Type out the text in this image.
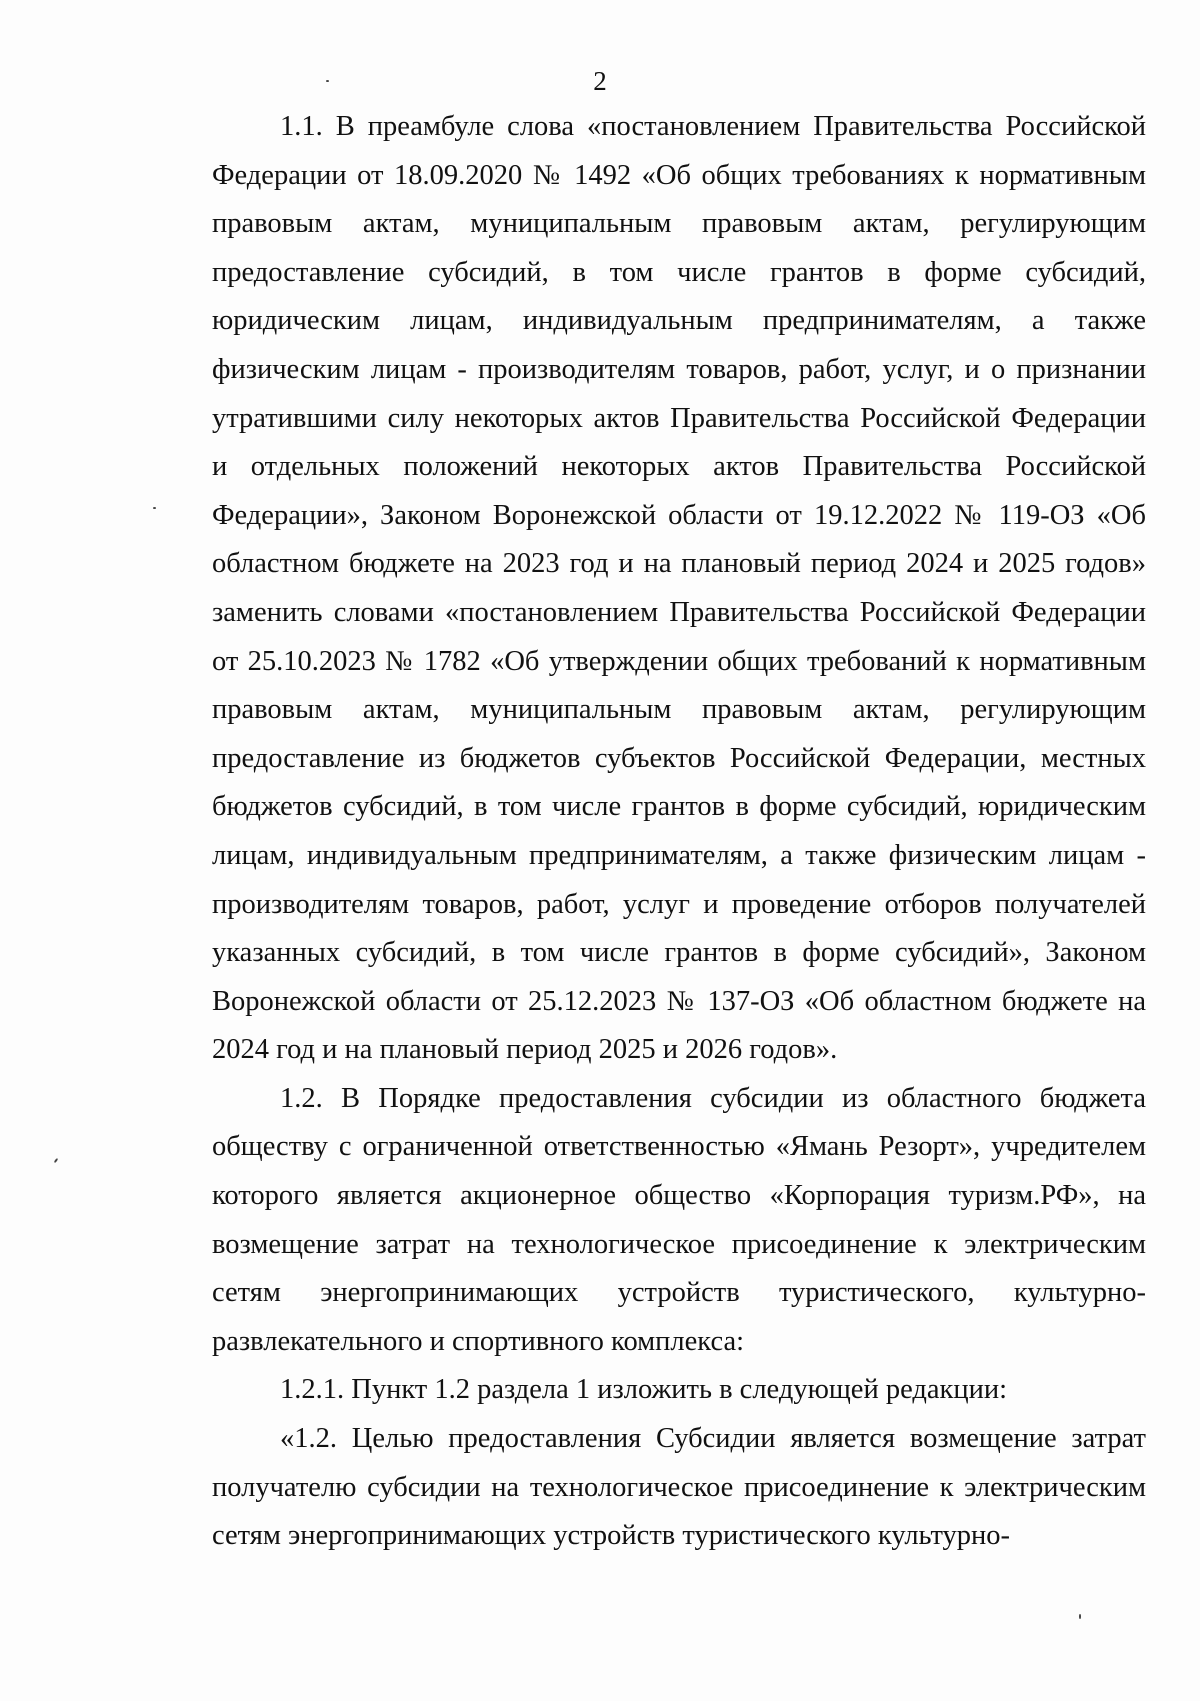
2

1.1. В преамбуле слова «постановлением Правительства Российской Федерации от 18.09.2020 № 1492 «Об общих требованиях к нормативным правовым актам, муниципальным правовым актам, регулирующим предоставление субсидий, в том числе грантов в форме субсидий, юридическим лицам, индивидуальным предпринимателям, а также физическим лицам - производителям товаров, работ, услуг, и о признании утратившими силу некоторых актов Правительства Российской Федерации и отдельных положений некоторых актов Правительства Российской Федерации», Законом Воронежской области от 19.12.2022 № 119-ОЗ «Об областном бюджете на 2023 год и на плановый период 2024 и 2025 годов» заменить словами «постановлением Правительства Российской Федерации от 25.10.2023 № 1782 «Об утверждении общих требований к нормативным правовым актам, муниципальным правовым актам, регулирующим предоставление из бюджетов субъектов Российской Федерации, местных бюджетов субсидий, в том числе грантов в форме субсидий, юридическим лицам, индивидуальным предпринимателям, а также физическим лицам - производителям товаров, работ, услуг и проведение отборов получателей указанных субсидий, в том числе грантов в форме субсидий», Законом Воронежской области от 25.12.2023 № 137-ОЗ «Об областном бюджете на 2024 год и на плановый период 2025 и 2026 годов».

1.2. В Порядке предоставления субсидии из областного бюджета обществу с ограниченной ответственностью «Ямань Резорт», учредителем которого является акционерное общество «Корпорация туризм.РФ», на возмещение затрат на технологическое присоединение к электрическим сетям энергопринимающих устройств туристического, культурно-развлекательного и спортивного комплекса:

1.2.1. Пункт 1.2 раздела 1 изложить в следующей редакции:

«1.2. Целью предоставления Субсидии является возмещение затрат получателю субсидии на технологическое присоединение к электрическим сетям энергопринимающих устройств туристического культурно-
